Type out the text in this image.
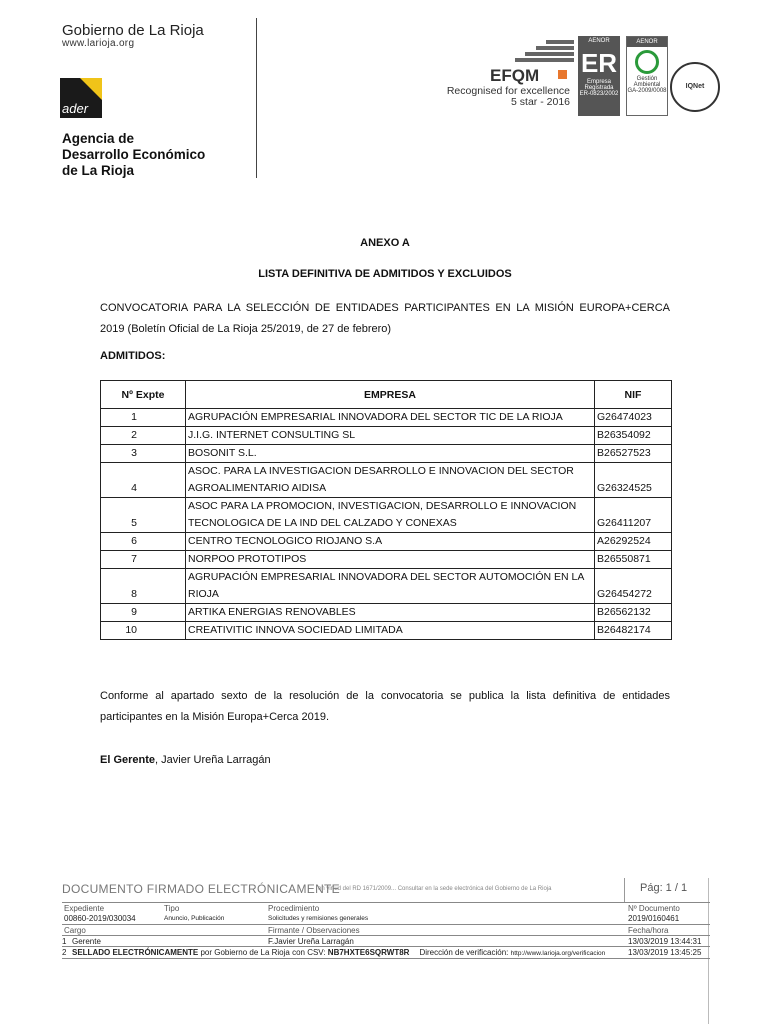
Gobierno de La Rioja
www.larioja.org
ader
Agencia de
Desarrollo Económico
de La Rioja
EFQM
Recognised for excellence
5 star - 2016
AENOR
ER
Empresa Registrada
ER-0823/2002
AENOR
Gestión Ambiental
GA-2009/0008
IQNet
ANEXO A
LISTA DEFINITIVA DE ADMITIDOS Y EXCLUIDOS
CONVOCATORIA PARA LA SELECCIÓN DE ENTIDADES PARTICIPANTES EN LA MISIÓN EUROPA+CERCA 2019 (Boletín Oficial de La Rioja 25/2019, de 27 de febrero)
ADMITIDOS:
Nº Expte	EMPRESA	NIF
1	AGRUPACIÓN EMPRESARIAL INNOVADORA DEL SECTOR TIC DE LA RIOJA	G26474023
2	J.I.G. INTERNET CONSULTING SL	B26354092
3	BOSONIT S.L.	B26527523
4	ASOC. PARA LA INVESTIGACION DESARROLLO E INNOVACION DEL SECTOR AGROALIMENTARIO AIDISA	G26324525
5	ASOC PARA LA PROMOCION, INVESTIGACION, DESARROLLO E INNOVACION TECNOLOGICA DE LA IND DEL CALZADO Y CONEXAS	G26411207
6	CENTRO TECNOLOGICO RIOJANO S.A	A26292524
7	NORPOO PROTOTIPOS	B26550871
8	AGRUPACIÓN EMPRESARIAL INNOVADORA DEL SECTOR AUTOMOCIÓN EN LA RIOJA	G26454272
9	ARTIKA ENERGIAS RENOVABLES	B26562132
10	CREATIVITIC INNOVA SOCIEDAD LIMITADA	B26482174
Conforme al apartado sexto de la resolución de la convocatoria se publica la lista definitiva de entidades participantes en la Misión Europa+Cerca 2019.
El Gerente, Javier Ureña Larragán
DOCUMENTO FIRMADO ELECTRÓNICAMENTE
en virtud del RD 1671/2009... Consultar en la sede electrónica del Gobierno de La Rioja	Pág: 1 / 1
Expediente	Tipo	Procedimiento	Nº Documento
00860-2019/030034	Anuncio, Publicación	Solicitudes y remisiones generales	2019/0160461
Cargo	Firmante / Observaciones	Fecha/hora
1 Gerente	F.Javier Ureña Larragán	13/03/2019 13:44:31
2 SELLADO ELECTRÓNICAMENTE por Gobierno de La Rioja con CSV: NB7HXTE6SQRWT8R Dirección de verificación: http://www.larioja.org/verificacion	13/03/2019 13:45:25
